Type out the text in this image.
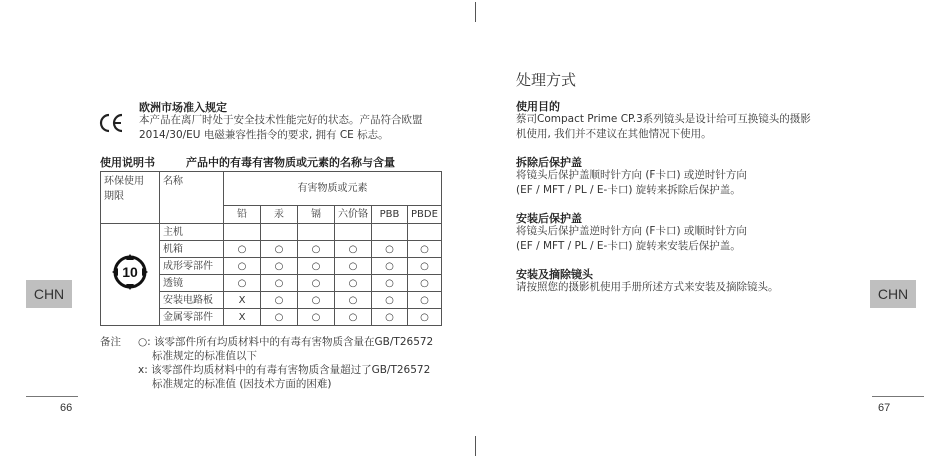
欧洲市场准入规定
本产品在离厂时处于安全技术性能完好的状态。产品符合欧盟
2014/30/EU 电磁兼容性指令的要求, 拥有 CE 标志。
使用说明书	产品中的有毒有害物质或元素的名称与含量
环保使用
期限	名称	有害物质或元素					
		铅	汞	镉	六价铬	PBB	PBDE

10	主机						
	机箱	○	○	○	○	○	○
	成形零部件	○	○	○	○	○	○
	透镜	○	○	○	○	○	○
	安装电路板	X	○	○	○	○	○
	金属零部件	X	○	○	○	○	○
备注 ○: 该零部件所有均质材料中的有毒有害物质含量在GB/T26572
标准规定的标准值以下
x: 该零部件均质材料中的有毒有害物质含量超过了GB/T26572
标准规定的标准值 (因技术方面的困难)
CHN
66
处理方式
使用目的
蔡司Compact Prime CP.3系列镜头是设计给可互换镜头的摄影
机使用, 我们并不建议在其他情况下使用。
拆除后保护盖
将镜头后保护盖顺时针方向 (F卡口) 或逆时针方向
(EF / MFT / PL / E-卡口) 旋转来拆除后保护盖。
安装后保护盖
将镜头后保护盖逆时针方向 (F卡口) 或顺时针方向
(EF / MFT / PL / E-卡口) 旋转来安装后保护盖。
安装及摘除镜头
请按照您的摄影机使用手册所述方式来安装及摘除镜头。	CHN
67
